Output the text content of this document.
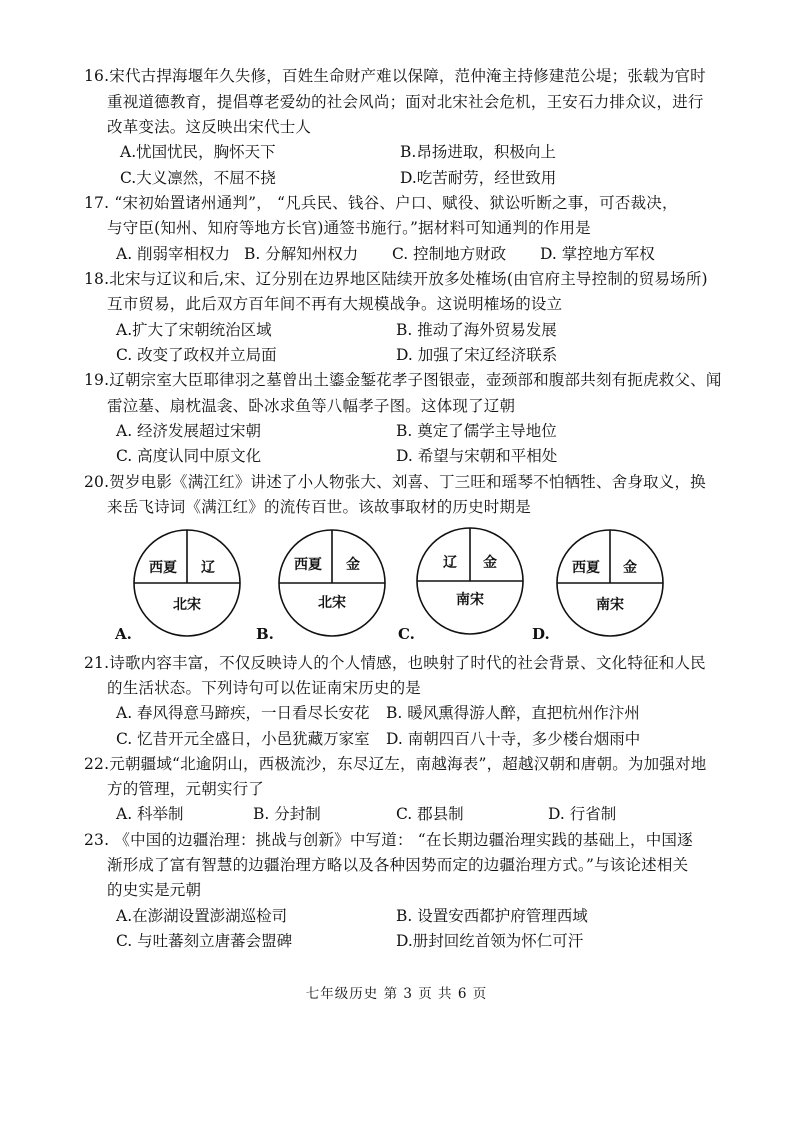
16.宋代古捍海堰年久失修，百姓生命财产难以保障，范仲淹主持修建范公堤；张载为官时
重视道德教育，提倡尊老爱幼的社会风尚；面对北宋社会危机，王安石力排众议，进行
改革变法。这反映出宋代士人
A.忧国忧民，胸怀天下	B.昂扬进取，积极向上
C.大义凛然，不屈不挠	D.吃苦耐劳，经世致用
17. “宋初始置诸州通判”， “凡兵民、钱谷、户口、赋役、狱讼听断之事，可否裁决，
与守臣(知州、知府等地方长官)通签书施行。”据材料可知通判的作用是
A. 削弱宰相权力 B. 分解知州权力 C. 控制地方财政 D. 掌控地方军权
18.北宋与辽议和后,宋、辽分别在边界地区陆续开放多处榷场(由官府主导控制的贸易场所)
互市贸易，此后双方百年间不再有大规模战争。这说明榷场的设立
A.扩大了宋朝统治区域	B. 推动了海外贸易发展
C. 改变了政权并立局面	D. 加强了宋辽经济联系
19.辽朝宗室大臣耶律羽之墓曾出土鎏金錾花孝子图银壶，壶颈部和腹部共刻有扼虎救父、闻
雷泣墓、扇枕温衾、卧冰求鱼等八幅孝子图。这体现了辽朝
A. 经济发展超过宋朝	B. 奠定了儒学主导地位
C. 高度认同中原文化	D. 希望与宋朝和平相处
20.贺岁电影《满江红》讲述了小人物张大、刘喜、丁三旺和瑶琴不怕牺牲、舍身取义，换
来岳飞诗词《满江红》的流传百世。该故事取材的历史时期是
西夏 辽
北宋
西夏 金
北宋
辽 金
南宋
西夏 金
南宋
A.	B.	C.	D.
21.诗歌内容丰富，不仅反映诗人的个人情感，也映射了时代的社会背景、文化特征和人民
的生活状态。下列诗句可以佐证南宋历史的是
A. 春风得意马蹄疾，一日看尽长安花 B. 暖风熏得游人醉，直把杭州作汴州
C. 忆昔开元全盛日，小邑犹藏万家室 D. 南朝四百八十寺，多少楼台烟雨中
22.元朝疆域“北逾阴山，西极流沙，东尽辽左，南越海表”，超越汉朝和唐朝。为加强对地
方的管理，元朝实行了
A. 科举制	B. 分封制	C. 郡县制	D. 行省制
23. 《中国的边疆治理：挑战与创新》中写道： “在长期边疆治理实践的基础上，中国逐
渐形成了富有智慧的边疆治理方略以及各种因势而定的边疆治理方式。”与该论述相关
的史实是元朝
A.在澎湖设置澎湖巡检司	B. 设置安西都护府管理西域
C. 与吐蕃刻立唐蕃会盟碑	D.册封回纥首领为怀仁可汗
七年级历史 第 3 页 共 6 页
